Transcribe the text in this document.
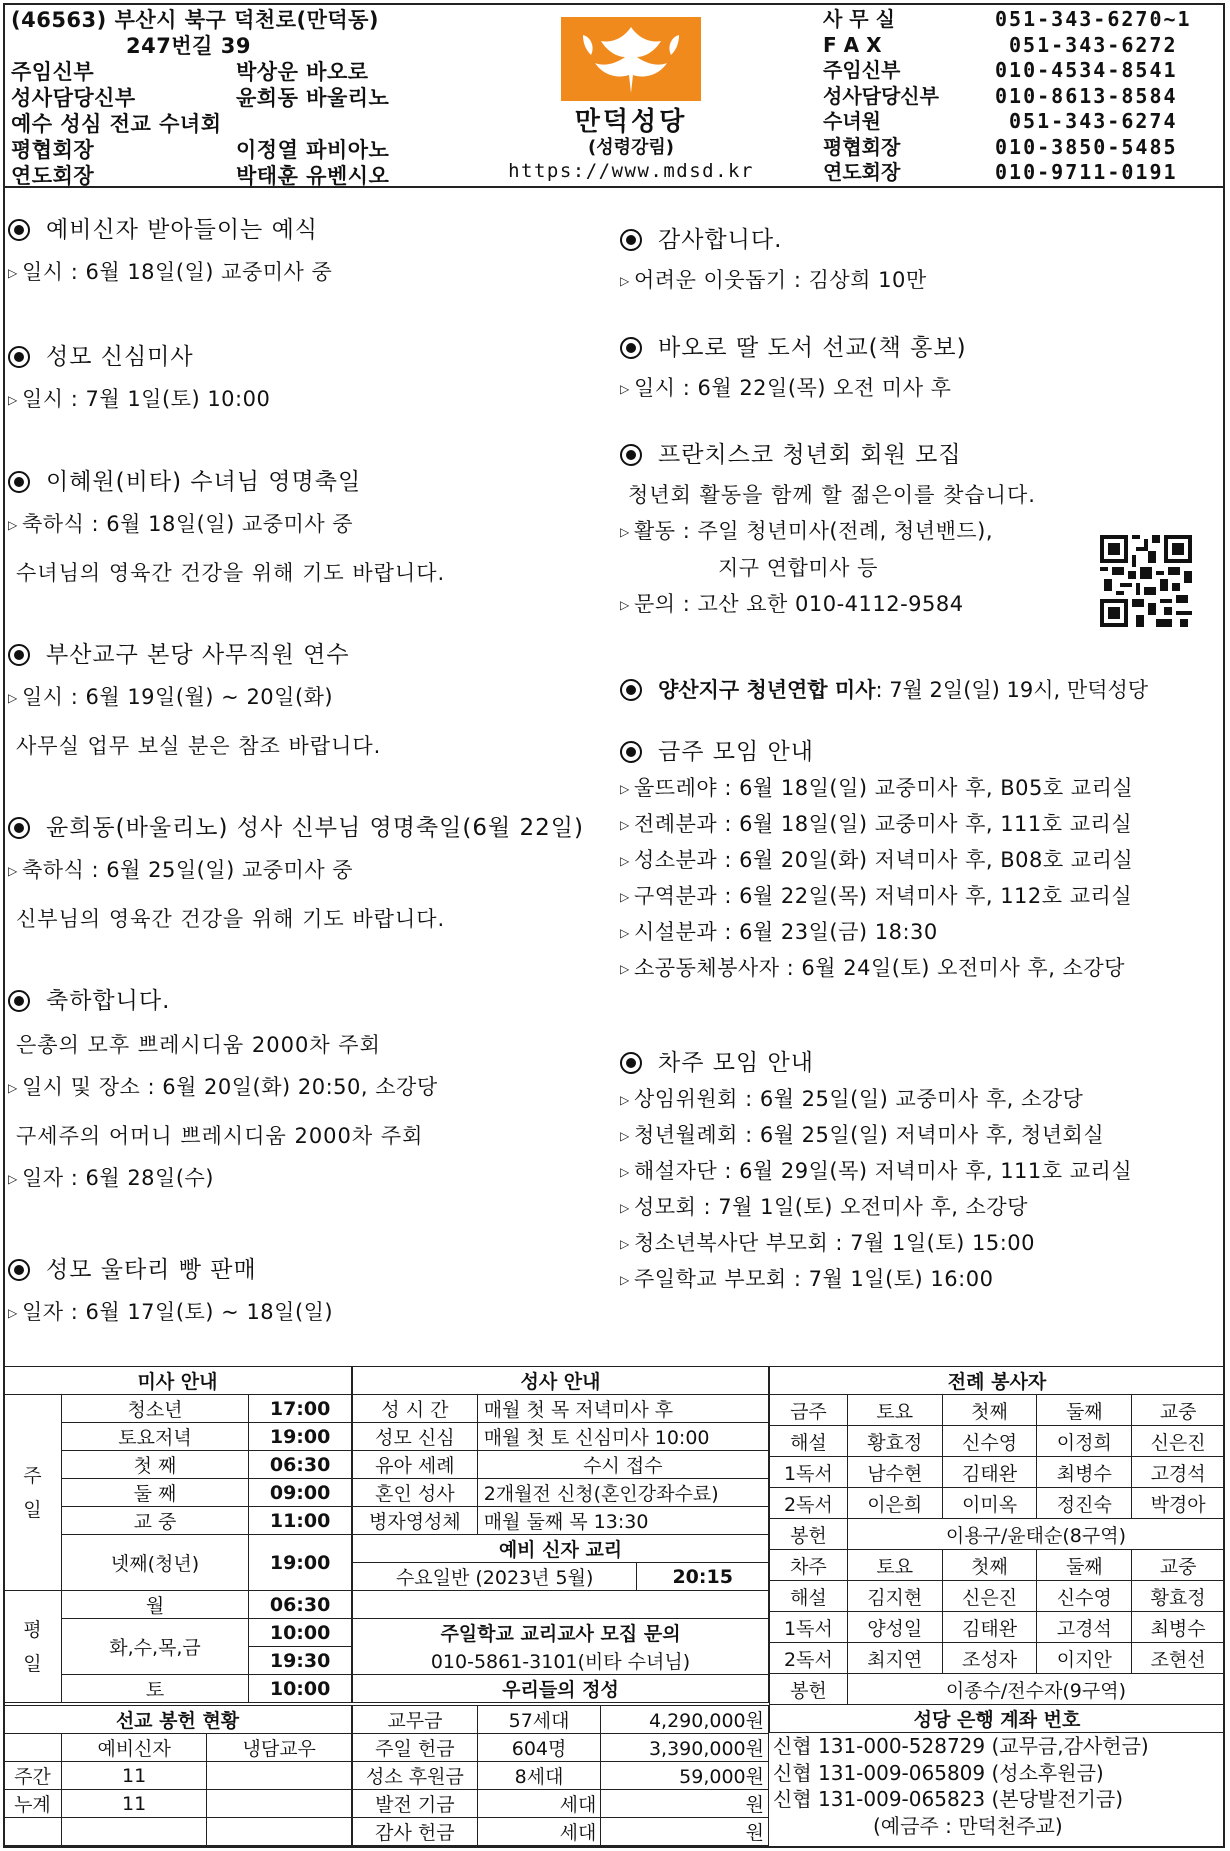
(46563) 부산시 북구 덕천로(만덕동)
247번길 39
주임신부	박상운 바오로
성사담당신부	윤희동 바울리노
예수 성심 전교 수녀회
평협회장	이정열 파비아노
연도회장	박태훈 유벤시오
만덕성당
(성령강림)
https://www.mdsd.kr
사 무 실	051-343-6270~1
F A X	051-343-6272
주임신부	010-4534-8541
성사담당신부	010-8613-8584
수녀원	051-343-6274
평협회장	010-3850-5485
연도회장	010-9711-0191
예비신자 받아들이는 예식
▷ 일시 : 6월 18일(일) 교중미사 중
성모 신심미사
▷ 일시 : 7월 1일(토) 10:00
이혜원(비타) 수녀님 영명축일
▷ 축하식 : 6월 18일(일) 교중미사 중
수녀님의 영육간 건강을 위해 기도 바랍니다.
부산교구 본당 사무직원 연수
▷ 일시 : 6월 19일(월) ~ 20일(화)
사무실 업무 보실 분은 참조 바랍니다.
윤희동(바울리노) 성사 신부님 영명축일(6월 22일)
▷ 축하식 : 6월 25일(일) 교중미사 중
신부님의 영육간 건강을 위해 기도 바랍니다.
축하합니다.
은총의 모후 쁘레시디움 2000차 주회
▷ 일시 및 장소 : 6월 20일(화) 20:50, 소강당
구세주의 어머니 쁘레시디움 2000차 주회
▷ 일자 : 6월 28일(수)
성모 울타리 빵 판매
▷ 일자 : 6월 17일(토) ~ 18일(일)
감사합니다.
▷ 어려운 이웃돕기 : 김상희 10만
바오로 딸 도서 선교(책 홍보)
▷ 일시 : 6월 22일(목) 오전 미사 후
프란치스코 청년회 회원 모집
청년회 활동을 함께 할 젊은이를 찾습니다.
▷ 활동 : 주일 청년미사(전례, 청년밴드),
지구 연합미사 등
▷ 문의 : 고산 요한 010-4112-9584
양산지구 청년연합 미사 : 7월 2일(일) 19시, 만덕성당
금주 모임 안내
▷ 울뜨레야 : 6월 18일(일) 교중미사 후, B05호 교리실
▷ 전례분과 : 6월 18일(일) 교중미사 후, 111호 교리실
▷ 성소분과 : 6월 20일(화) 저녁미사 후, B08호 교리실
▷ 구역분과 : 6월 22일(목) 저녁미사 후, 112호 교리실
▷ 시설분과 : 6월 23일(금) 18:30
▷ 소공동체봉사자 : 6월 24일(토) 오전미사 후, 소강당
차주 모임 안내
▷ 상임위원회 : 6월 25일(일) 교중미사 후, 소강당
▷ 청년월례회 : 6월 25일(일) 저녁미사 후, 청년회실
▷ 해설자단 : 6월 29일(목) 저녁미사 후, 111호 교리실
▷ 성모회 : 7월 1일(토) 오전미사 후, 소강당
▷ 청소년복사단 부모회 : 7월 1일(토) 15:00
▷ 주일학교 부모회 : 7월 1일(토) 16:00
미사 안내		
주 일	청소년	17:00
	토요저녁	19:00
	첫 째	06:30
	둘 째	09:00
	교 중	11:00
	넷째(청년)	19:00
평 일	월	06:30
	화,수,목,금	10:00
		19:30
	토	10:00
성사 안내		
성 시 간	매월 첫 목 저녁미사 후	
성모 신심	매월 첫 토 신심미사 10:00	
유아 세례	수시 접수	
혼인 성사	2개월전 신청(혼인강좌수료)	
병자영성체	매월 둘째 목 13:30	
예비 신자 교리		
수요일반 (2023년 5월)		20:15

주일학교 교리교사 모집 문의		
010-5861-3101(비타 수녀님)		
우리들의 정성		
전례 봉사자				
금주	토요	첫째	둘째	교중
해설	황효정	신수영	이정희	신은진
1독서	남수현	김태완	최병수	고경석
2독서	이은희	이미옥	정진숙	박경아
봉헌	이용구/윤태순(8구역)			
차주	토요	첫째	둘째	교중
해설	김지현	신은진	신수영	황효정
1독서	양성일	김태완	고경석	최병수
2독서	최지연	조성자	이지안	조현선
봉헌	이종수/전수자(9구역)			
성당 은행 계좌 번호				
선교 봉헌 현황		
	예비신자	냉담교우
주간	11	
누계	11	

교무금	57세대	4,290,000원
주일 헌금	604명	3,390,000원
성소 후원금	8세대	59,000원
발전 기금	세대	원
감사 헌금	세대	원
신협 131-000-528729 (교무금,감사헌금)
신협 131-009-065809 (성소후원금)
신협 131-009-065823 (본당발전기금)
(예금주 : 만덕천주교)
